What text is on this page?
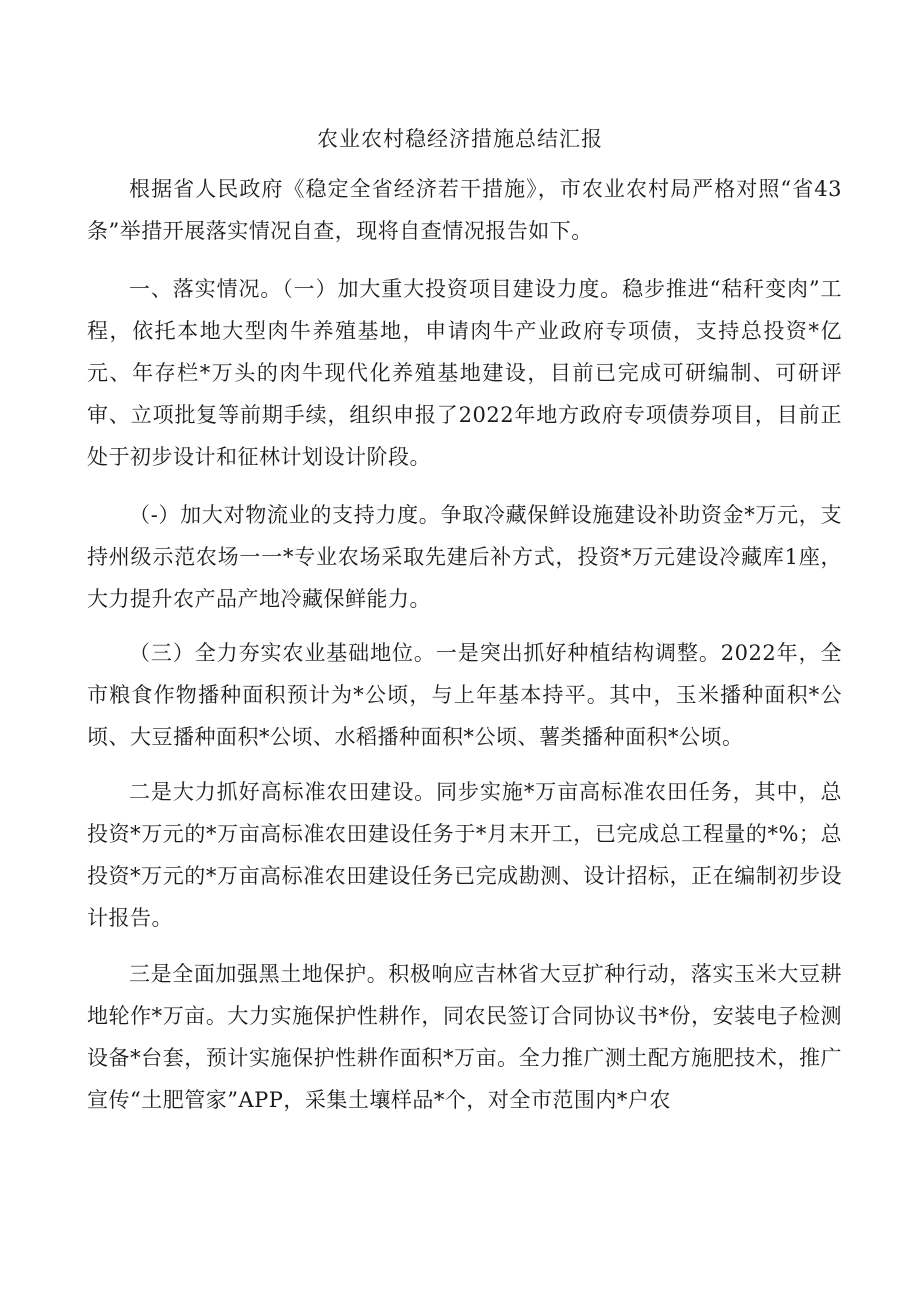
农业农村稳经济措施总结汇报

根据省人民政府《稳定全省经济若干措施》，市农业农村局严格对照“省43条”举措开展落实情况自查，现将自查情况报告如下。

一、落实情况。（一）加大重大投资项目建设力度。稳步推进“秸秆变肉”工程，依托本地大型肉牛养殖基地，申请肉牛产业政府专项债，支持总投资*亿元、年存栏*万头的肉牛现代化养殖基地建设，目前已完成可研编制、可研评审、立项批复等前期手续，组织申报了2022年地方政府专项债券项目，目前正处于初步设计和征林计划设计阶段。

（-）加大对物流业的支持力度。争取冷藏保鲜设施建设补助资金*万元，支持州级示范农场一一*专业农场采取先建后补方式，投资*万元建设冷藏库1座，大力提升农产品产地冷藏保鲜能力。

（三）全力夯实农业基础地位。一是突出抓好种植结构调整。2022年，全市粮食作物播种面积预计为*公顷，与上年基本持平。其中，玉米播种面积*公顷、大豆播种面积*公顷、水稻播种面积*公顷、薯类播种面积*公顷。

二是大力抓好高标准农田建设。同步实施*万亩高标准农田任务，其中，总投资*万元的*万亩高标准农田建设任务于*月末开工，已完成总工程量的*%；总投资*万元的*万亩高标准农田建设任务已完成勘测、设计招标，正在编制初步设计报告。

三是全面加强黑土地保护。积极响应吉林省大豆扩种行动，落实玉米大豆耕地轮作*万亩。大力实施保护性耕作，同农民签订合同协议书*份，安装电子检测设备*台套，预计实施保护性耕作面积*万亩。全力推广测土配方施肥技术，推广宣传“土肥管家”APP，采集土壤样品*个，对全市范围内*户农
